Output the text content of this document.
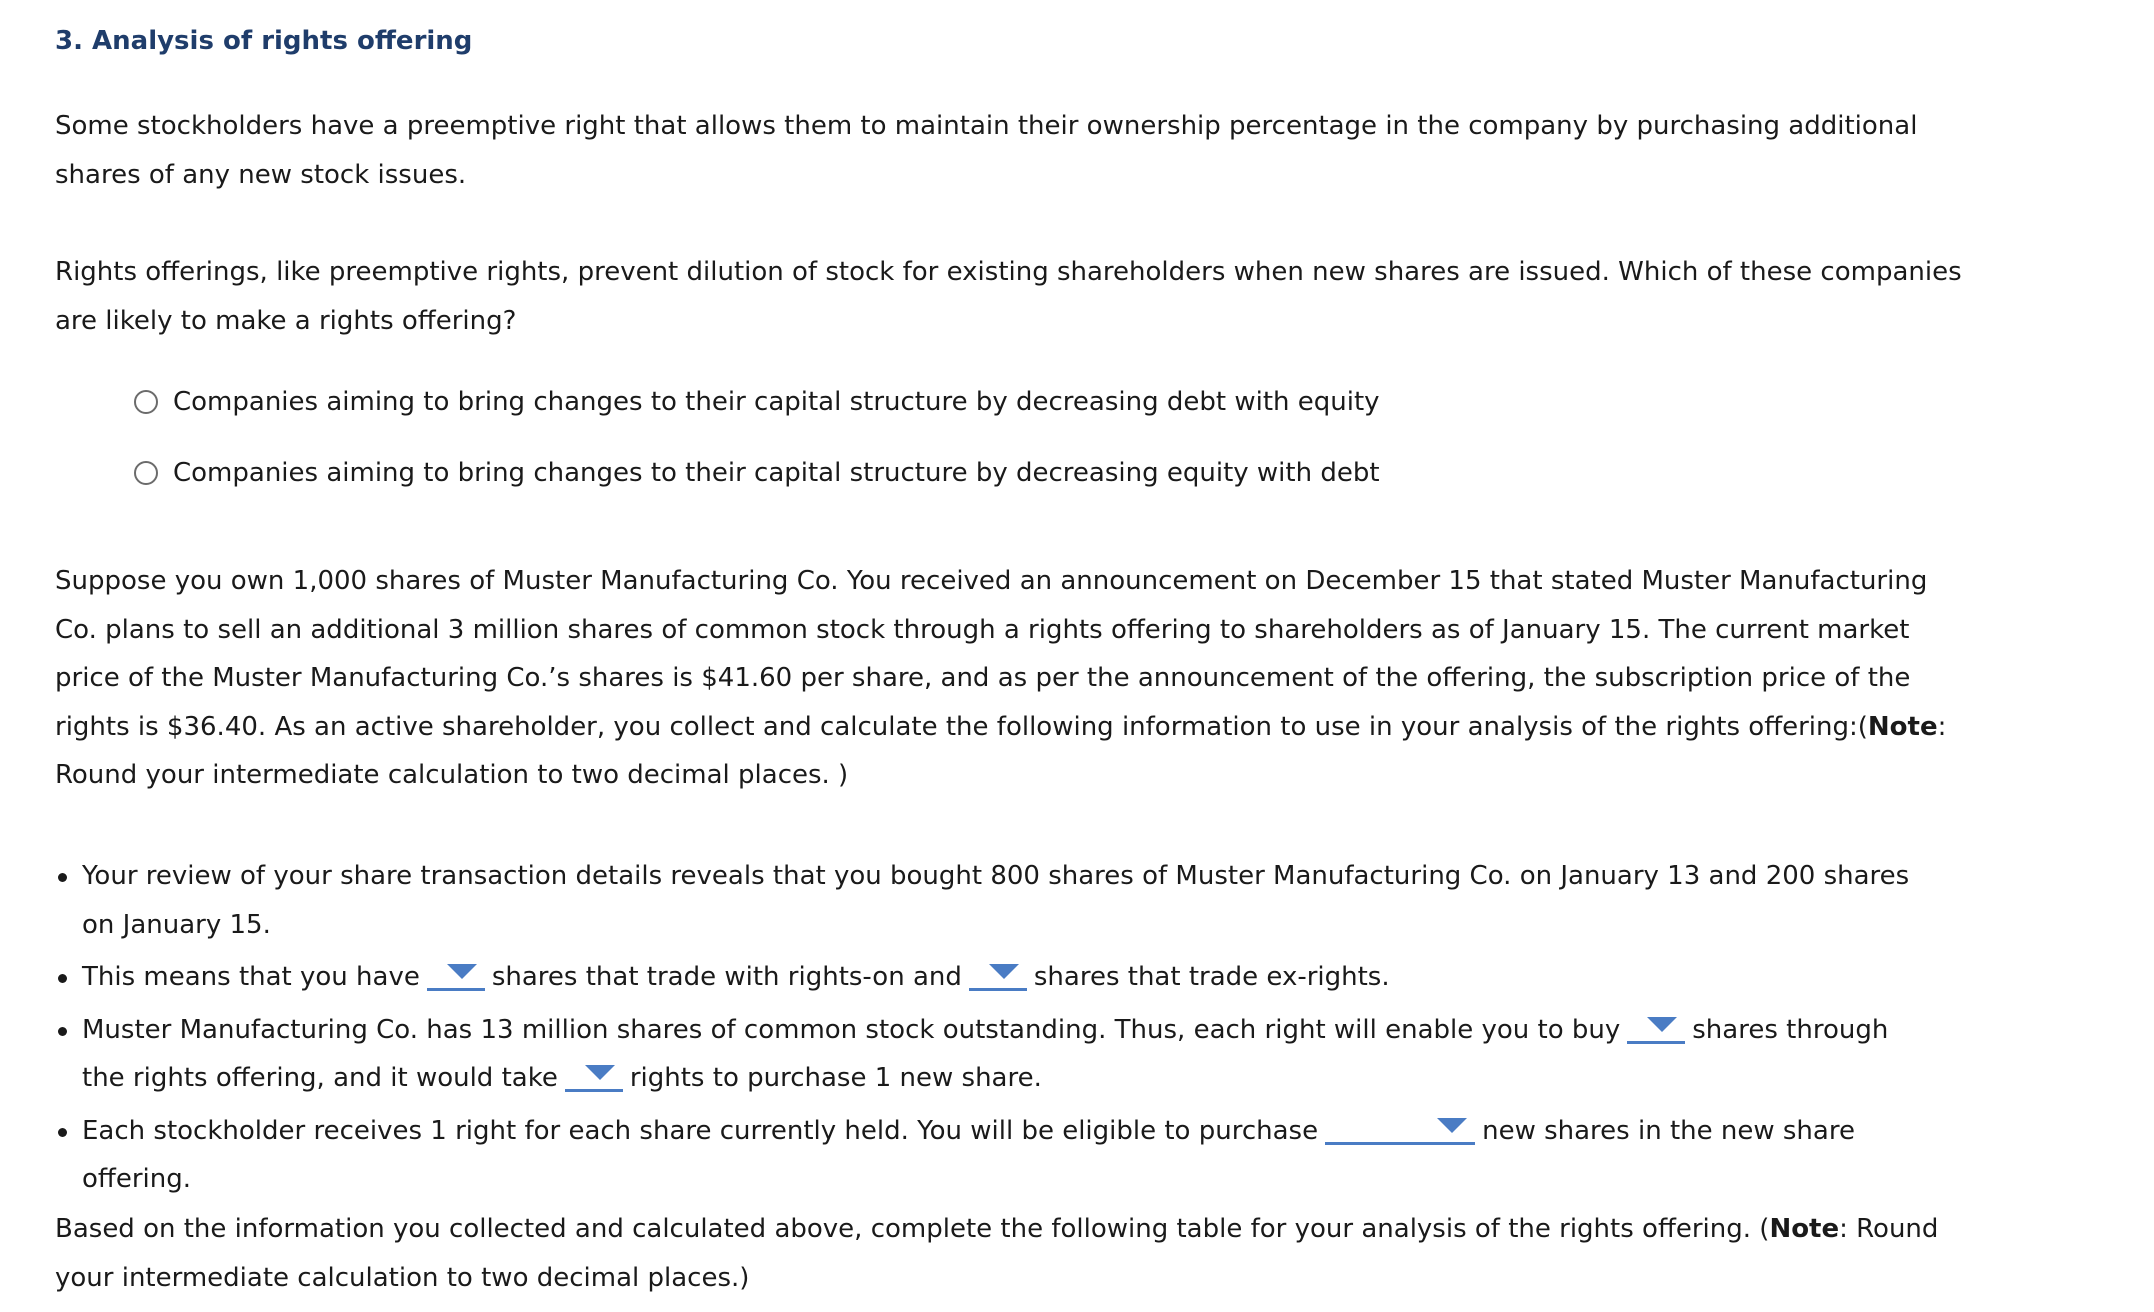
3. Analysis of rights offering

Some stockholders have a preemptive right that allows them to maintain their ownership percentage in the company by purchasing additional shares of any new stock issues.

Rights offerings, like preemptive rights, prevent dilution of stock for existing shareholders when new shares are issued. Which of these companies are likely to make a rights offering?

Companies aiming to bring changes to their capital structure by decreasing debt with equity
Companies aiming to bring changes to their capital structure by decreasing equity with debt

Suppose you own 1,000 shares of Muster Manufacturing Co. You received an announcement on December 15 that stated Muster Manufacturing Co. plans to sell an additional 3 million shares of common stock through a rights offering to shareholders as of January 15. The current market price of the Muster Manufacturing Co.’s shares is $41.60 per share, and as per the announcement of the offering, the subscription price of the rights is $36.40. As an active shareholder, you collect and calculate the following information to use in your analysis of the rights offering:(Note: Round your intermediate calculation to two decimal places. )

Your review of your share transaction details reveals that you bought 800 shares of Muster Manufacturing Co. on January 13 and 200 shares on January 15.
This means that you have	shares that trade with rights-on and	shares that trade ex-rights.
Muster Manufacturing Co. has 13 million shares of common stock outstanding. Thus, each right will enable you to buy	shares through the rights offering, and it would take	rights to purchase 1 new share.
Each stockholder receives 1 right for each share currently held. You will be eligible to purchase	new shares in the new share offering.

Based on the information you collected and calculated above, complete the following table for your analysis of the rights offering. (Note: Round your intermediate calculation to two decimal places.)
